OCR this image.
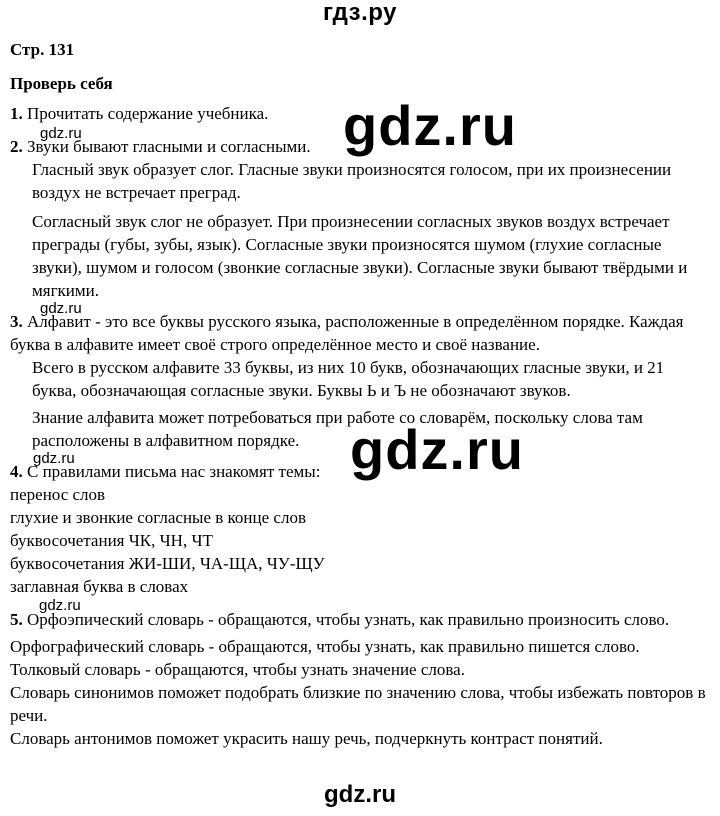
гдз.ру
Стр. 131
Проверь себя
1. Прочитать содержание учебника.
2. Звуки бывают гласными и согласными.
Гласный звук образует слог. Гласные звуки произносятся голосом, при их произнесении воздух не встречает преград.
Согласный звук слог не образует. При произнесении согласных звуков воздух встречает преграды (губы, зубы, язык). Согласные звуки произносятся шумом (глухие согласные звуки), шумом и голосом (звонкие согласные звуки). Согласные звуки бывают твёрдыми и мягкими.
3. Алфавит - это все буквы русского языка, расположенные в определённом порядке. Каждая буква в алфавите имеет своё строго определённое место и своё название.
Всего в русском алфавите 33 буквы, из них 10 букв, обозначающих гласные звуки, и 21 буква, обозначающая согласные звуки. Буквы Ь и Ъ не обозначают звуков.
Знание алфавита может потребоваться при работе со словарём, поскольку слова там расположены в алфавитном порядке.
4. С правилами письма нас знакомят темы:
перенос слов
глухие и звонкие согласные в конце слов
буквосочетания ЧК, ЧН, ЧТ
буквосочетания ЖИ-ШИ, ЧА-ЩА, ЧУ-ЩУ
заглавная буква в словах
5. Орфоэпический словарь - обращаются, чтобы узнать, как правильно произносить слово.
Орфографический словарь - обращаются, чтобы узнать, как правильно пишется слово.
Толковый словарь - обращаются, чтобы узнать значение слова.
Словарь синонимов поможет подобрать близкие по значению слова, чтобы избежать повторов в речи.
Словарь антонимов поможет украсить нашу речь, подчеркнуть контраст понятий.
gdz.ru
gdz.ru
gdz.ru
gdz.ru
gdz.ru
gdz.ru
gdz.ru
